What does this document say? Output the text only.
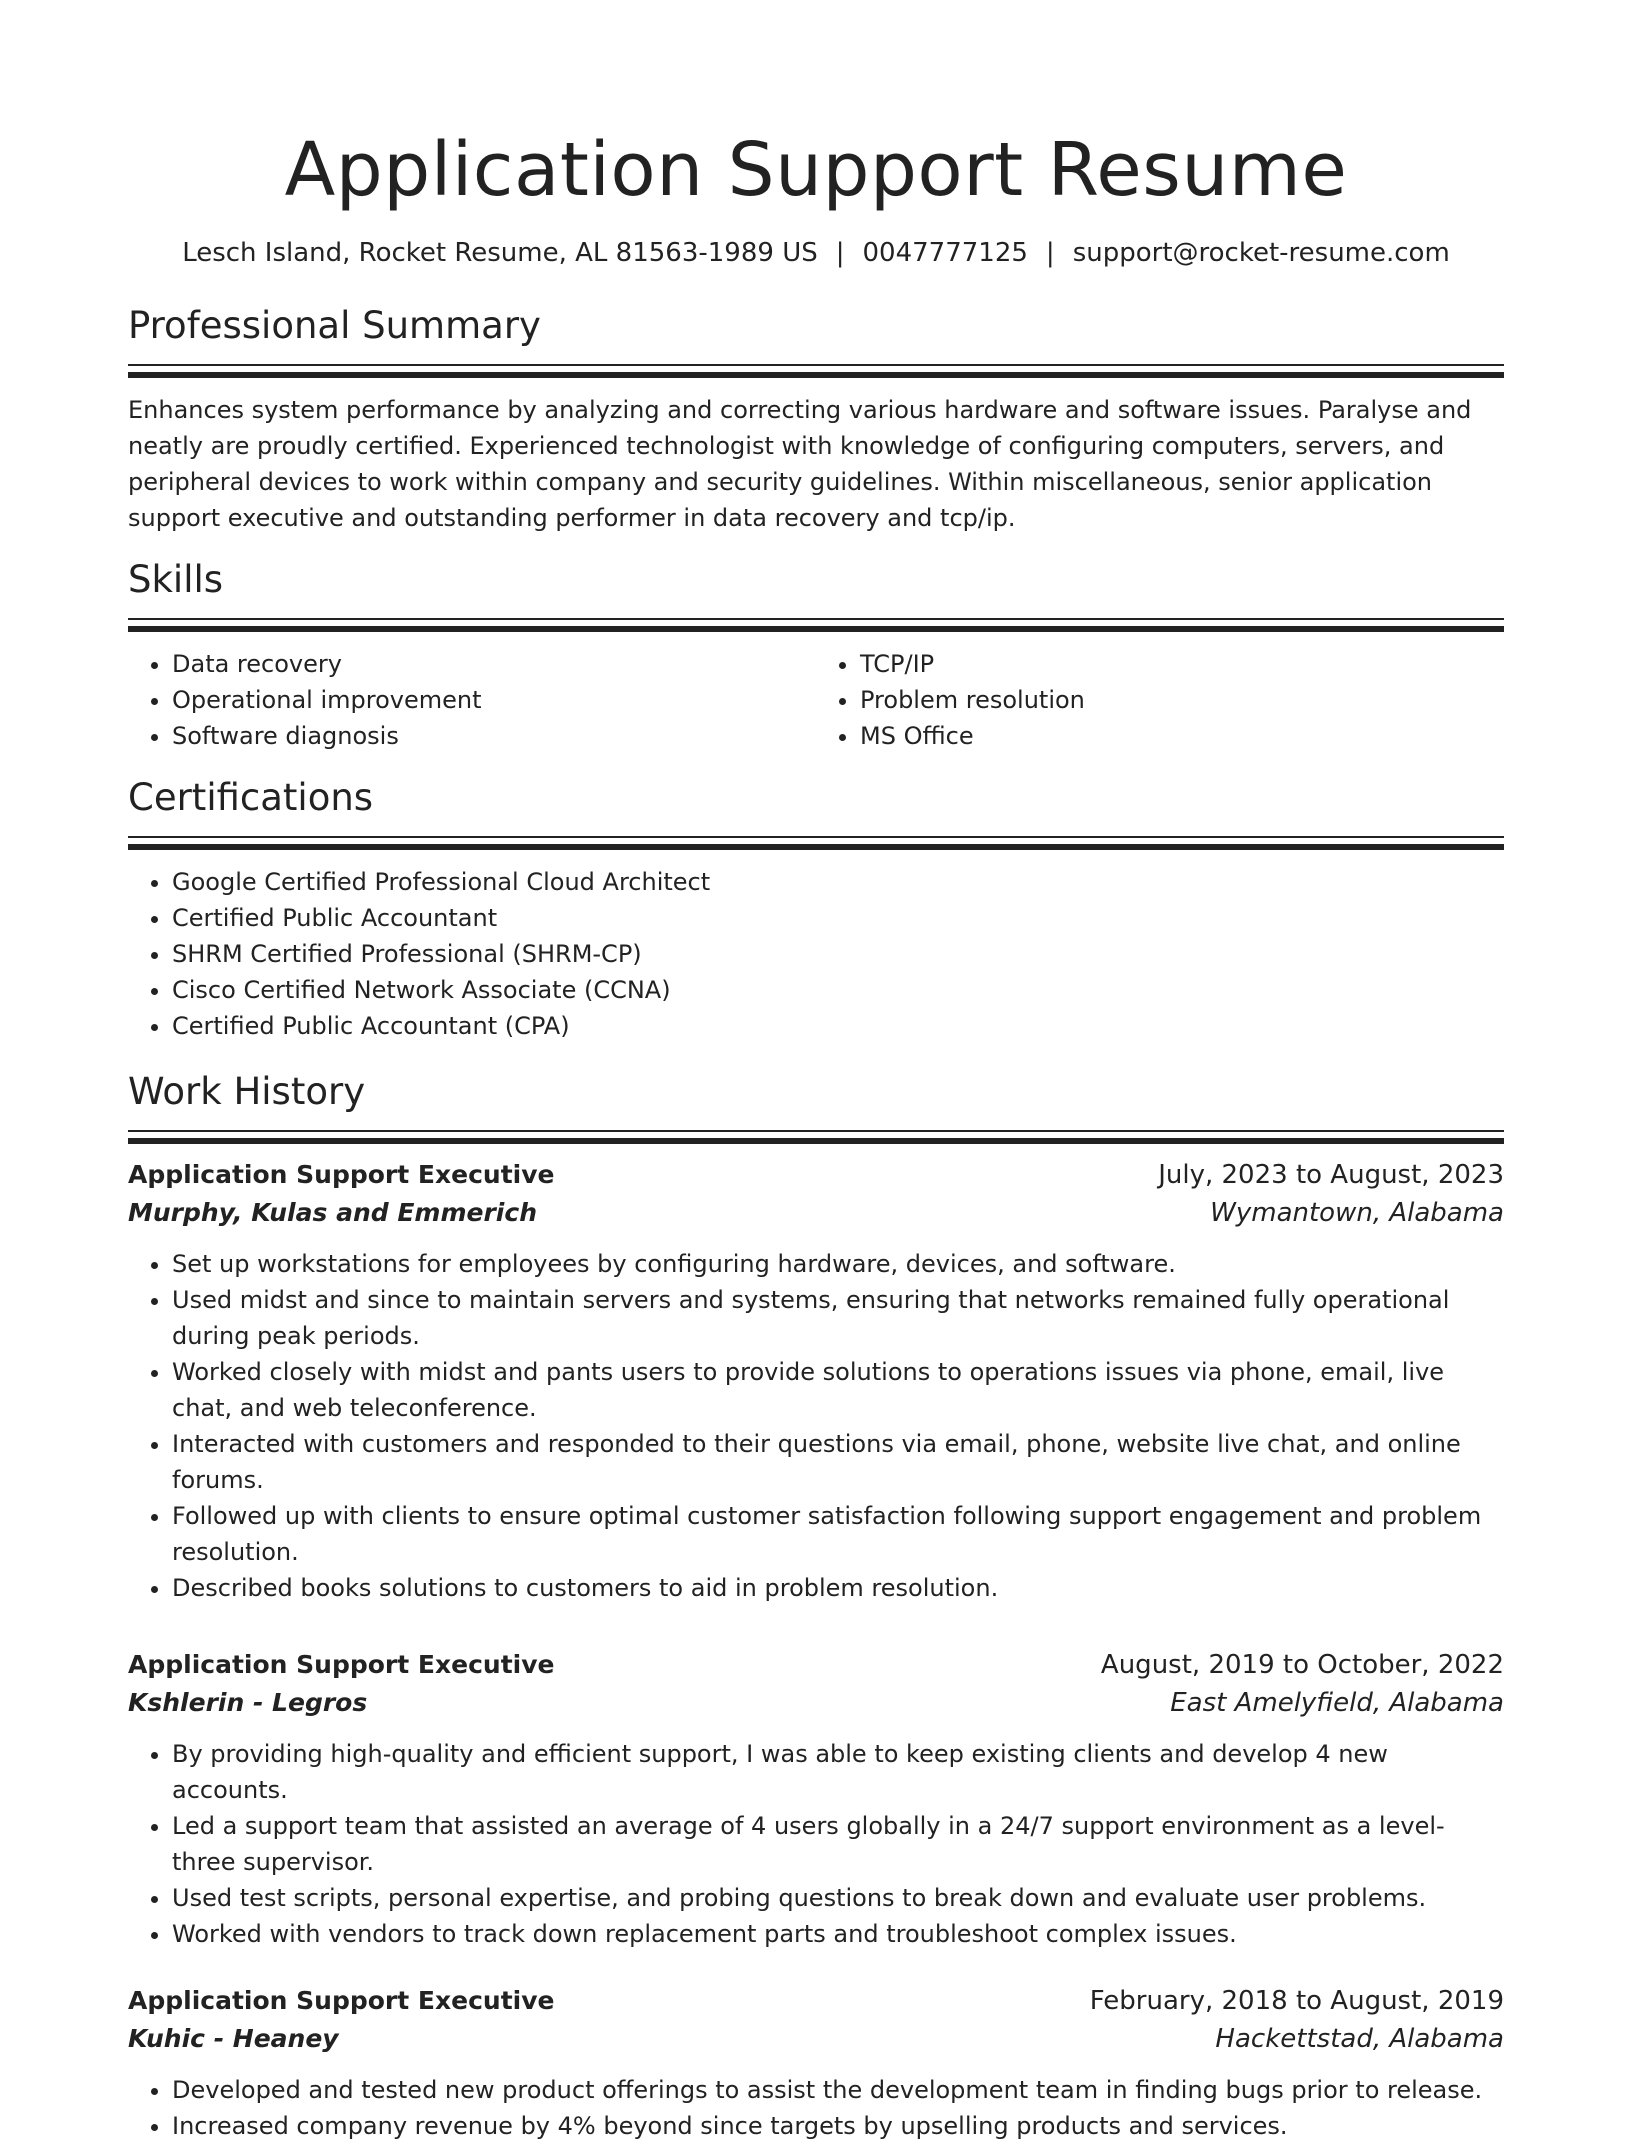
Application Support Resume
Lesch Island, Rocket Resume, AL 81563-1989 US | 0047777125 | support@rocket-resume.com
Professional Summary

Enhances system performance by analyzing and correcting various hardware and software issues. Paralyse and neatly are proudly certified. Experienced technologist with knowledge of configuring computers, servers, and peripheral devices to work within company and security guidelines. Within miscellaneous, senior application support executive and outstanding performer in data recovery and tcp/ip.

Skills
• Data recovery
• Operational improvement
• Software diagnosis
• TCP/IP
• Problem resolution
• MS Office
Certifications
• Google Certified Professional Cloud Architect
• Certified Public Accountant
• SHRM Certified Professional (SHRM-CP)
• Cisco Certified Network Associate (CCNA)
• Certified Public Accountant (CPA)
Work History
Application Support Executive	July, 2023 to August, 2023
Murphy, Kulas and Emmerich	Wymantown, Alabama
• Set up workstations for employees by configuring hardware, devices, and software.
• Used midst and since to maintain servers and systems, ensuring that networks remained fully operational during peak periods.
• Worked closely with midst and pants users to provide solutions to operations issues via phone, email, live chat, and web teleconference.
• Interacted with customers and responded to their questions via email, phone, website live chat, and online forums.
• Followed up with clients to ensure optimal customer satisfaction following support engagement and problem resolution.
• Described books solutions to customers to aid in problem resolution.
Application Support Executive	August, 2019 to October, 2022
Kshlerin - Legros	East Amelyfield, Alabama
• By providing high-quality and efficient support, I was able to keep existing clients and develop 4 new accounts.
• Led a support team that assisted an average of 4 users globally in a 24/7 support environment as a level-three supervisor.
• Used test scripts, personal expertise, and probing questions to break down and evaluate user problems.
• Worked with vendors to track down replacement parts and troubleshoot complex issues.
Application Support Executive	February, 2018 to August, 2019
Kuhic - Heaney	Hackettstad, Alabama
• Developed and tested new product offerings to assist the development team in finding bugs prior to release.
• Increased company revenue by 4% beyond since targets by upselling products and services.
